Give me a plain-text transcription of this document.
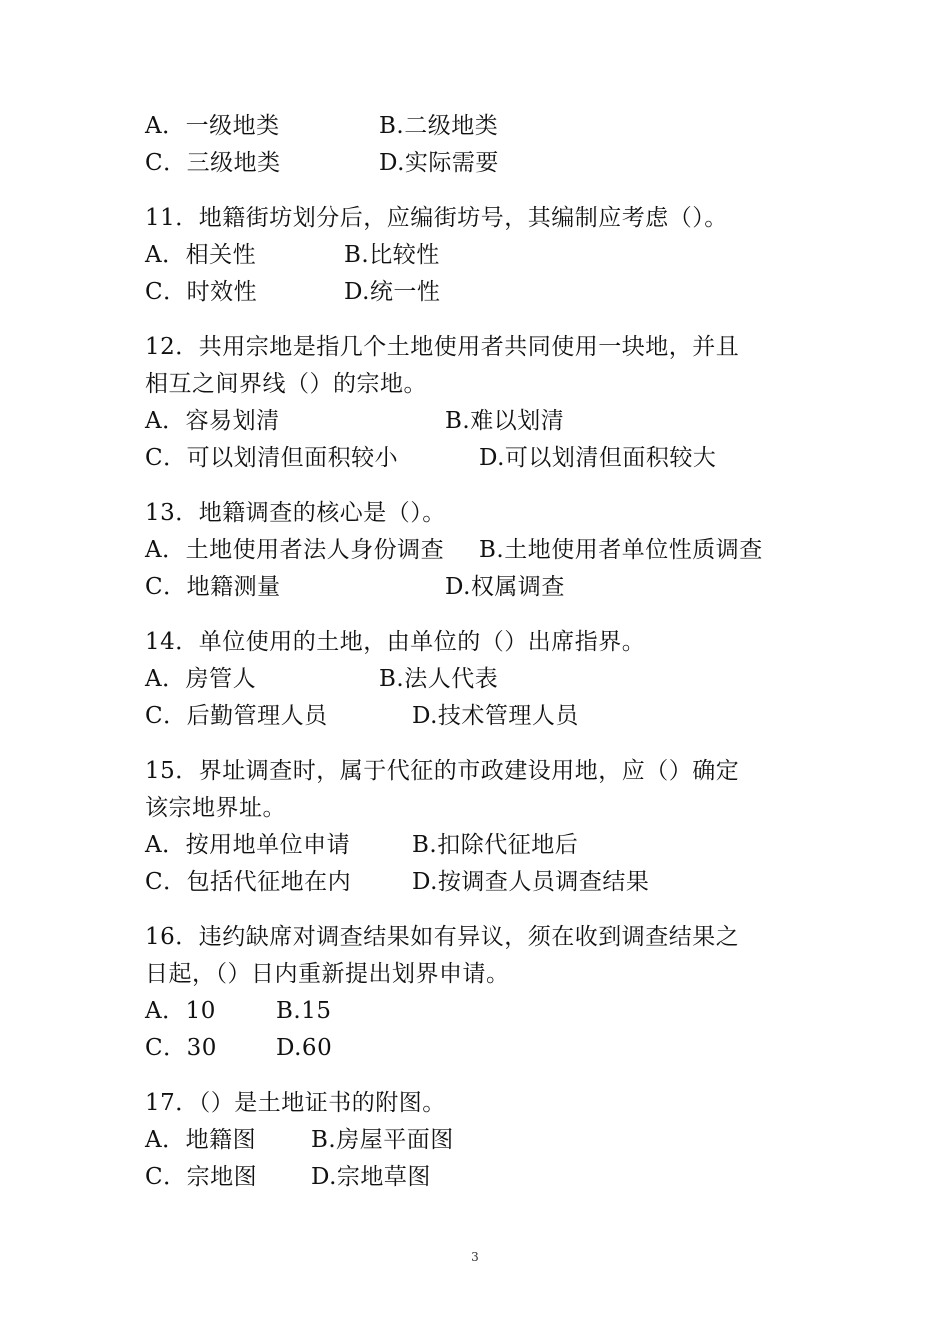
A．一级地类	B.二级地类
C．三级地类	D.实际需要
11．地籍街坊划分后，应编街坊号，其编制应考虑（）。
A．相关性	B.比较性
C．时效性	D.统一性
12．共用宗地是指几个土地使用者共同使用一块地，并且
相互之间界线（）的宗地。
A．容易划清	B.难以划清
C．可以划清但面积较小	D.可以划清但面积较大
13．地籍调查的核心是（）。
A．土地使用者法人身份调查 B.土地使用者单位性质调查
C．地籍测量	D.权属调查
14．单位使用的土地，由单位的（）出席指界。
A．房管人	B.法人代表
C．后勤管理人员	D.技术管理人员
15．界址调查时，属于代征的市政建设用地，应（）确定
该宗地界址。
A．按用地单位申请	B.扣除代征地后
C．包括代征地在内	D.按调查人员调查结果
16．违约缺席对调查结果如有异议，须在收到调查结果之
日起，（）日内重新提出划界申请。
A．10	B.15
C．30	D.60
17．（）是土地证书的附图。
A．地籍图 B.房屋平面图
C．宗地图 D.宗地草图
3
